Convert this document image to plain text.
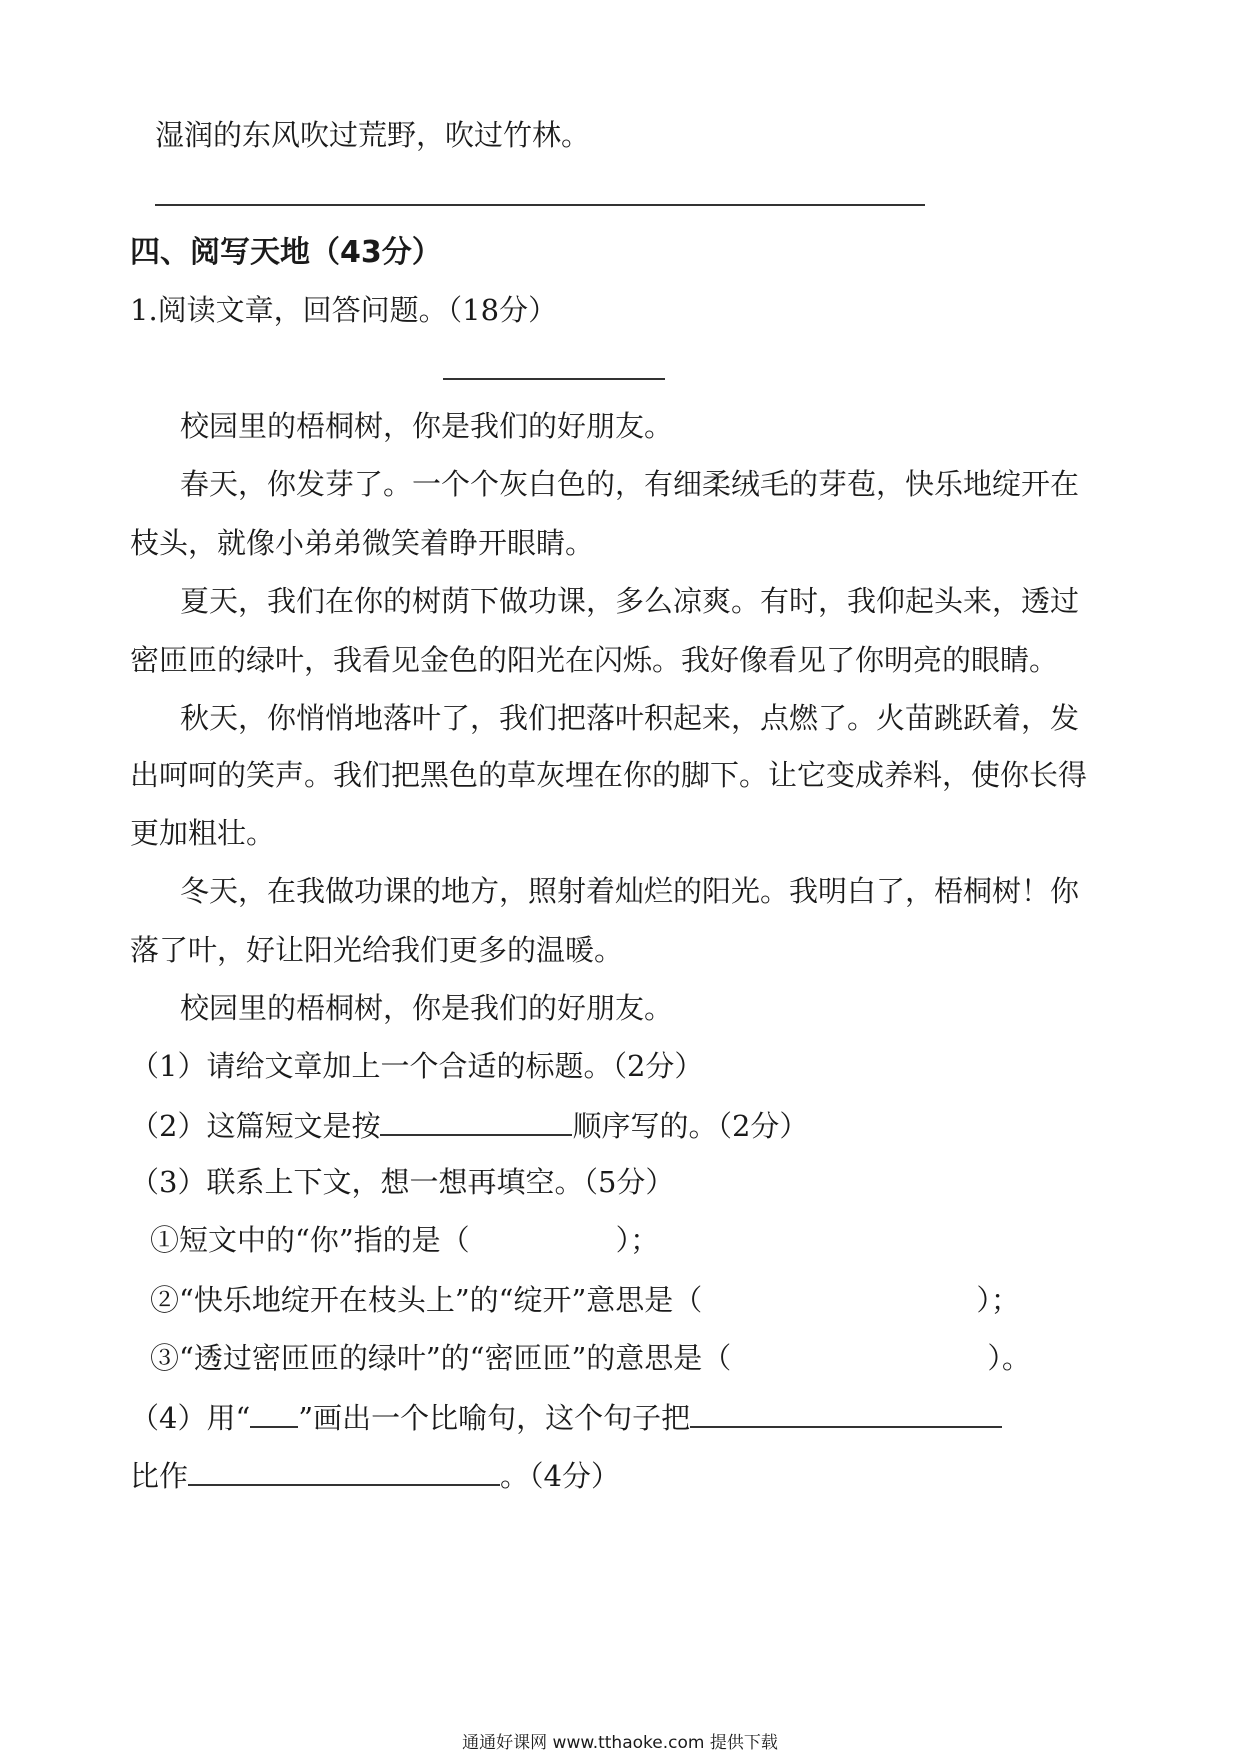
湿润的东风吹过荒野，吹过竹林。
四、阅写天地（43分）
1.阅读文章，回答问题。（18分）
校园里的梧桐树，你是我们的好朋友。
春天，你发芽了。一个个灰白色的，有细柔绒毛的芽苞，快乐地绽开在
枝头，就像小弟弟微笑着睁开眼睛。
夏天，我们在你的树荫下做功课，多么凉爽。有时，我仰起头来，透过
密匝匝的绿叶，我看见金色的阳光在闪烁。我好像看见了你明亮的眼睛。
秋天，你悄悄地落叶了，我们把落叶积起来，点燃了。火苗跳跃着，发
出呵呵的笑声。我们把黑色的草灰埋在你的脚下。让它变成养料，使你长得
更加粗壮。
冬天，在我做功课的地方，照射着灿烂的阳光。我明白了，梧桐树！你
落了叶，好让阳光给我们更多的温暖。
校园里的梧桐树，你是我们的好朋友。
（1）请给文章加上一个合适的标题。（2分）
（2）这篇短文是按	顺序写的。（2分）
（3）联系上下文，想一想再填空。（5分）
①短文中的“你”指的是（	）；
②“快乐地绽开在枝头上”的“绽开”意思是（	）；
③“透过密匝匝的绿叶”的“密匝匝”的意思是（	）。
（4）用“ ”画出一个比喻句，这个句子把
比作	。（4分）
通通好课网 www.tthaoke.com 提供下载
